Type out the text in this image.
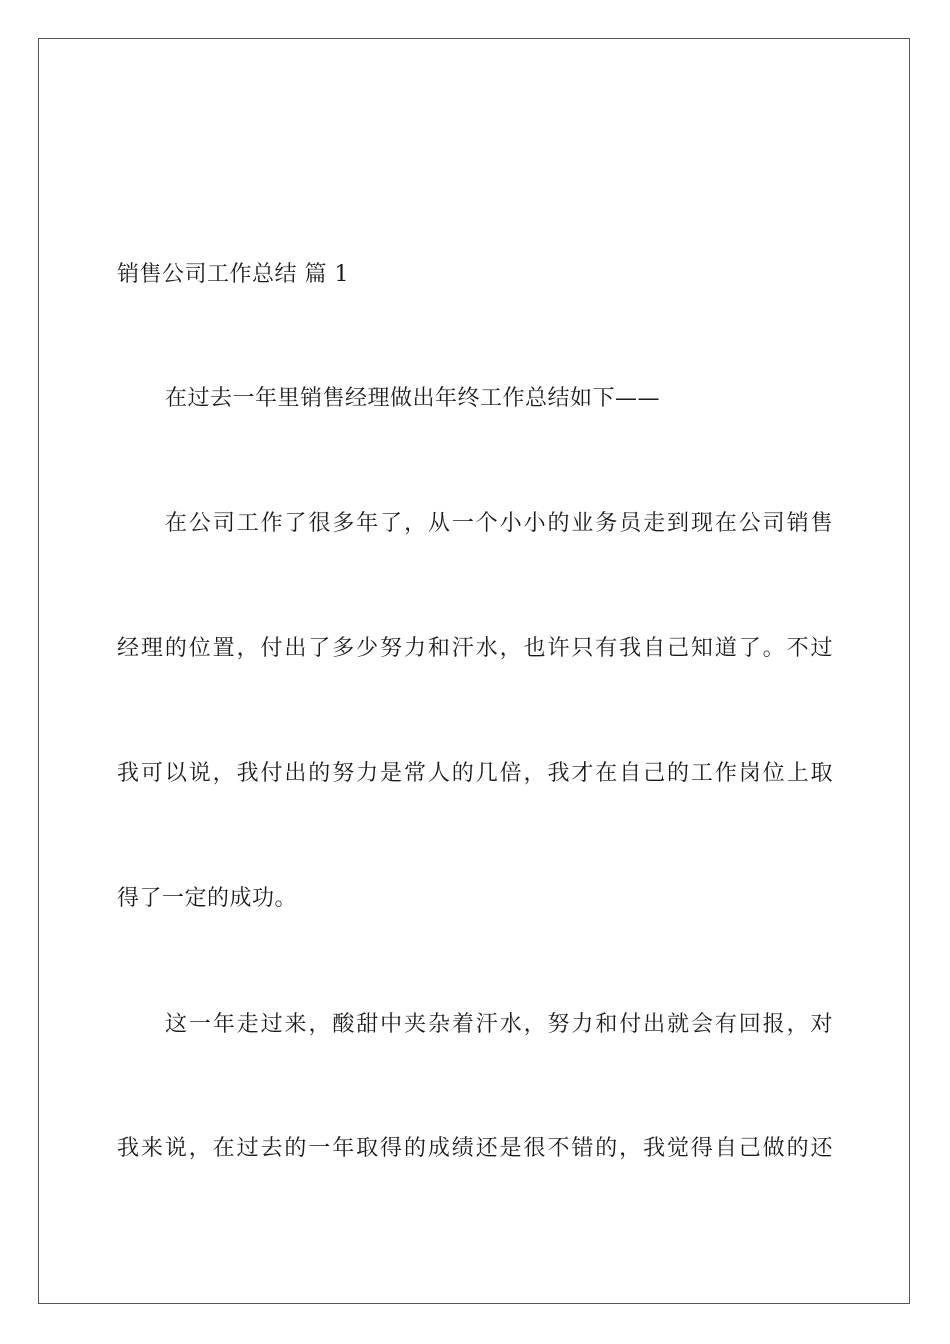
销售公司工作总结 篇 1
在过去一年里销售经理做出年终工作总结如下——
在公司工作了很多年了，从一个小小的业务员走到现在公司销售
经理的位置，付出了多少努力和汗水，也许只有我自己知道了。不过
我可以说，我付出的努力是常人的几倍，我才在自己的工作岗位上取
得了一定的成功。
这一年走过来，酸甜中夹杂着汗水，努力和付出就会有回报，对
我来说，在过去的一年取得的成绩还是很不错的，我觉得自己做的还
